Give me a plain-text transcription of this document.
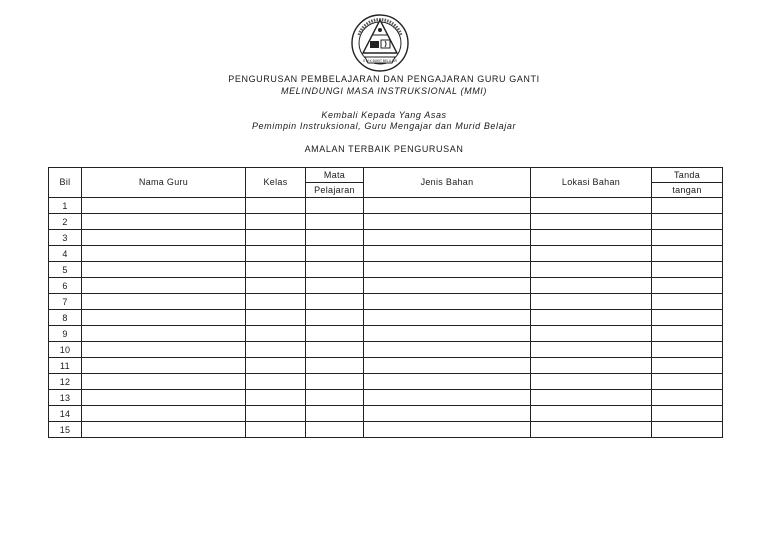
S M K BUKIT BELAJAR
PENGURUSAN PEMBELAJARAN DAN PENGAJARAN GURU GANTI
MELINDUNGI MASA INSTRUKSIONAL (MMI)
Kembali Kepada Yang Asas
Pemimpin Instruksional, Guru Mengajar dan Murid Belajar
AMALAN TERBAIK PENGURUSAN
Bil	Nama Guru	Kelas	Mata	Jenis Bahan	Lokasi Bahan	Tanda
			Pelajaran			tangan
1						
2						
3						
4						
5						
6						
7						
8						
9						
10						
11						
12						
13						
14						
15						
